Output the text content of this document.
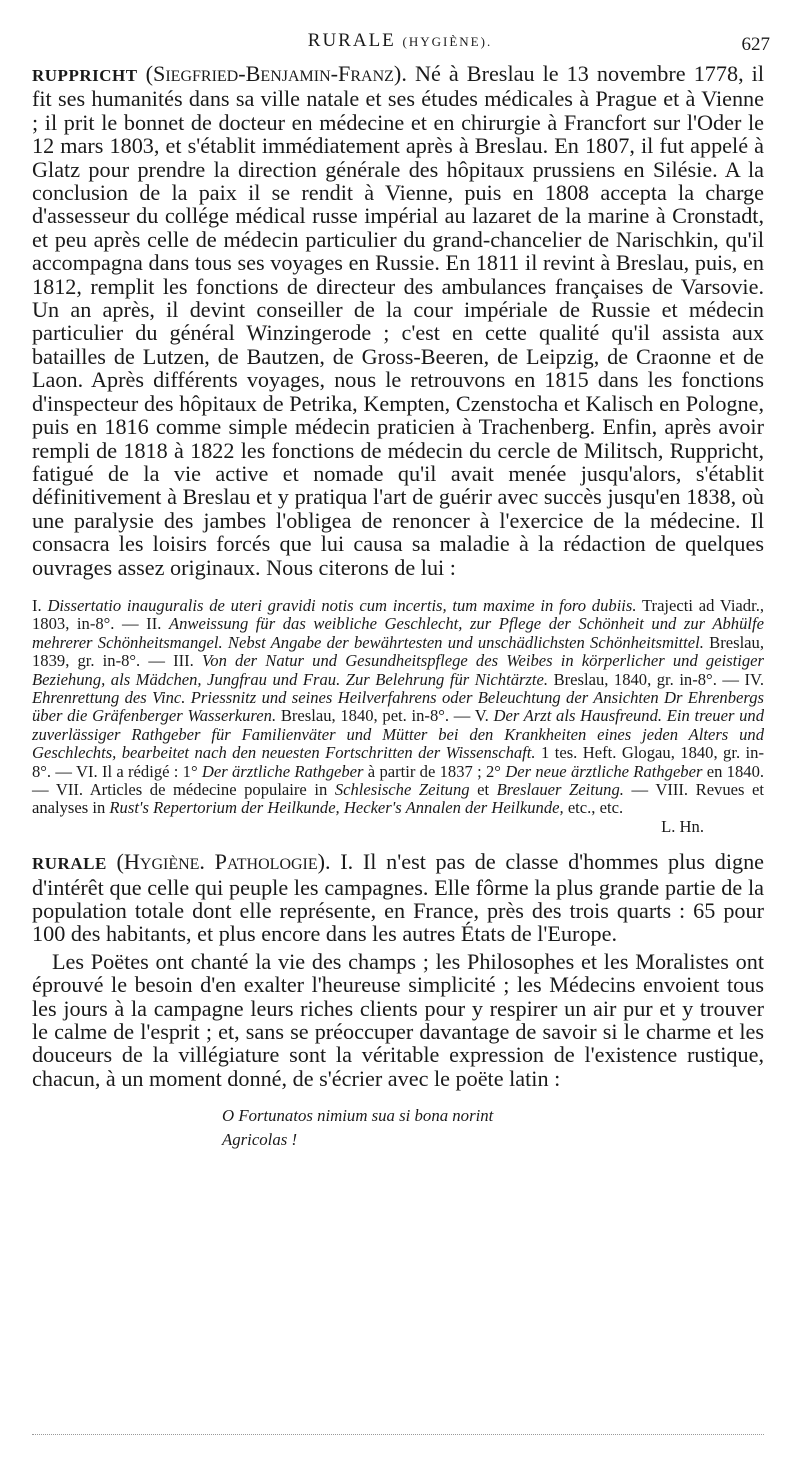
RURALE (HYGIÈNE).	627

RUPPRICHT (Siegfried-Benjamin-Franz). Né à Breslau le 13 novembre 1778, il fit ses humanités dans sa ville natale et ses études médicales à Prague et à Vienne ; il prit le bonnet de docteur en médecine et en chirurgie à Francfort sur l'Oder le 12 mars 1803, et s'établit immédiatement après à Breslau. En 1807, il fut appelé à Glatz pour prendre la direction générale des hôpitaux prussiens en Silésie. A la conclusion de la paix il se rendit à Vienne, puis en 1808 accepta la charge d'assesseur du collége médical russe impérial au lazaret de la marine à Cronstadt, et peu après celle de médecin particulier du grand-chancelier de Narischkin, qu'il accompagna dans tous ses voyages en Russie. En 1811 il revint à Breslau, puis, en 1812, remplit les fonctions de directeur des ambulances françaises de Varsovie. Un an après, il devint conseiller de la cour impériale de Russie et médecin particulier du général Winzingerode ; c'est en cette qualité qu'il assista aux batailles de Lutzen, de Bautzen, de Gross-Beeren, de Leipzig, de Craonne et de Laon. Après différents voyages, nous le retrouvons en 1815 dans les fonctions d'inspecteur des hôpitaux de Petrika, Kempten, Czenstocha et Kalisch en Pologne, puis en 1816 comme simple médecin praticien à Trachenberg. Enfin, après avoir rempli de 1818 à 1822 les fonctions de médecin du cercle de Militsch, Ruppricht, fatigué de la vie active et nomade qu'il avait menée jusqu'alors, s'établit définitivement à Breslau et y pratiqua l'art de guérir avec succès jusqu'en 1838, où une paralysie des jambes l'obligea de renoncer à l'exercice de la médecine. Il consacra les loisirs forcés que lui causa sa maladie à la rédaction de quelques ouvrages assez originaux. Nous citerons de lui :

I. Dissertatio inauguralis de uteri gravidi notis cum incertis, tum maxime in foro dubiis. Trajecti ad Viadr., 1803, in-8°. — II. Anweissung für das weibliche Geschlecht, zur Pflege der Schönheit und zur Abhülfe mehrerer Schönheitsmangel. Nebst Angabe der bewährtesten und unschädlichsten Schönheitsmittel. Breslau, 1839, gr. in-8°. — III. Von der Natur und Gesundheitspflege des Weibes in körperlicher und geistiger Beziehung, als Mädchen, Jungfrau und Frau. Zur Belehrung für Nichtärzte. Breslau, 1840, gr. in-8°. — IV. Ehrenrettung des Vinc. Priessnitz und seines Heilverfahrens oder Beleuchtung der Ansichten Dr Ehrenbergs über die Gräfenberger Wasserkuren. Breslau, 1840, pet. in-8°. — V. Der Arzt als Hausfreund. Ein treuer und zuverlässiger Rathgeber für Familienväter und Mütter bei den Krankheiten eines jeden Alters und Geschlechts, bearbeitet nach den neuesten Fortschritten der Wissenschaft. 1 tes. Heft. Glogau, 1840, gr. in-8°. — VI. Il a rédigé : 1° Der ärztliche Rathgeber à partir de 1837 ; 2° Der neue ärztliche Rathgeber en 1840. — VII. Articles de médecine populaire in Schlesische Zeitung et Breslauer Zeitung. — VIII. Revues et analyses in Rust's Repertorium der Heilkunde, Hecker's Annalen der Heilkunde, etc., etc.

L. Hn.

RURALE (Hygiène. Pathologie). I. Il n'est pas de classe d'hommes plus digne d'intérêt que celle qui peuple les campagnes. Elle fôrme la plus grande partie de la population totale dont elle représente, en France, près des trois quarts : 65 pour 100 des habitants, et plus encore dans les autres États de l'Europe.

Les Poëtes ont chanté la vie des champs ; les Philosophes et les Moralistes ont éprouvé le besoin d'en exalter l'heureuse simplicité ; les Médecins envoient tous les jours à la campagne leurs riches clients pour y respirer un air pur et y trouver le calme de l'esprit ; et, sans se préoccuper davantage de savoir si le charme et les douceurs de la villégiature sont la véritable expression de l'existence rustique, chacun, à un moment donné, de s'écrier avec le poëte latin :

O Fortunatos nimium sua si bona norint
Agricolas !
